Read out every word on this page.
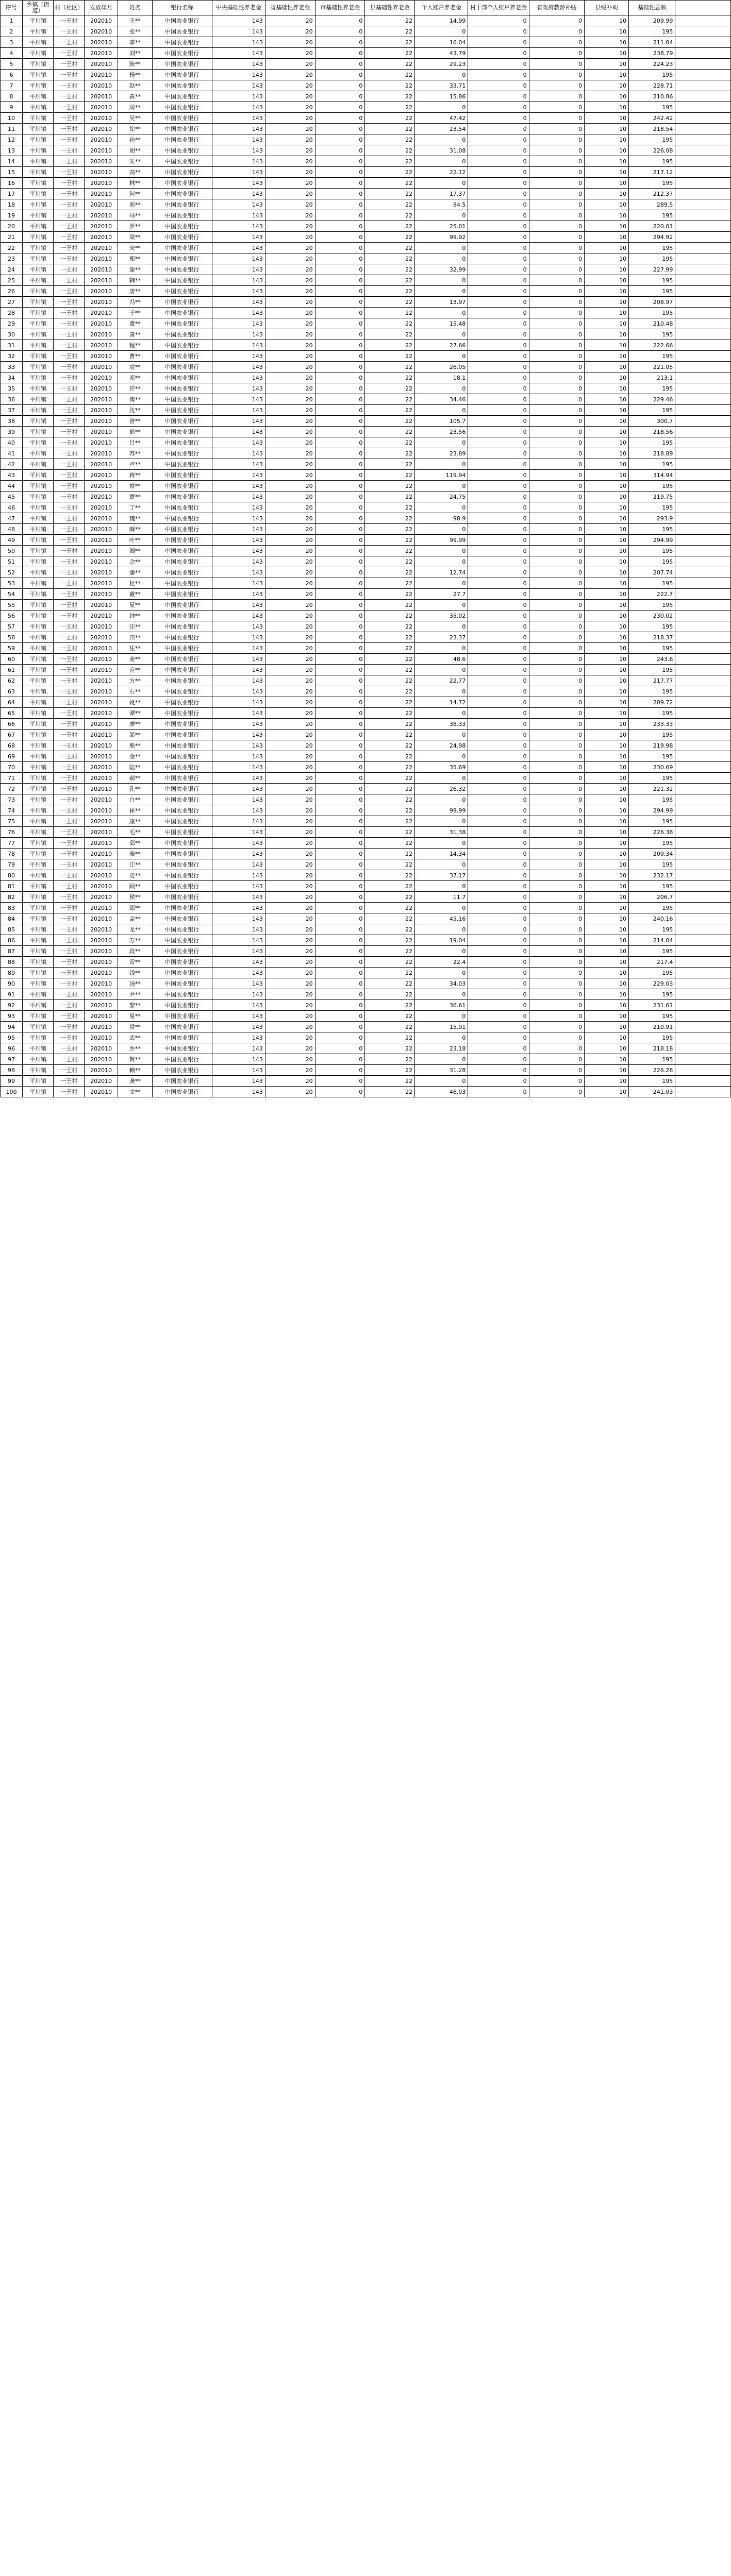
序号	乡镇（街道）	村（社区）	发放年月	姓名	银行名称	中央基础性养老金	省基础性养老金	市基础性养老金	县基础性养老金	个人账户养老金	村干部个人账户养老金	省政府教龄补贴	县级补助	基础性总额	
1	平川镇	一王村	202010	王**	中国农业银行	143	20	0	22	14.99	0	0	10	209.99	
2	平川镇	一王村	202010	张**	中国农业银行	143	20	0	22	0	0	0	10	195	
3	平川镇	一王村	202010	李**	中国农业银行	143	20	0	22	16.04	0	0	10	211.04	
4	平川镇	一王村	202010	刘**	中国农业银行	143	20	0	22	43.79	0	0	10	238.79	
5	平川镇	一王村	202010	陈**	中国农业银行	143	20	0	22	29.23	0	0	10	224.23	
6	平川镇	一王村	202010	杨**	中国农业银行	143	20	0	22	0	0	0	10	195	
7	平川镇	一王村	202010	赵**	中国农业银行	143	20	0	22	33.71	0	0	10	228.71	
8	平川镇	一王村	202010	黄**	中国农业银行	143	20	0	22	15.86	0	0	10	210.86	
9	平川镇	一王村	202010	周**	中国农业银行	143	20	0	22	0	0	0	10	195	
10	平川镇	一王村	202010	吴**	中国农业银行	143	20	0	22	47.42	0	0	10	242.42	
11	平川镇	一王村	202010	徐**	中国农业银行	143	20	0	22	23.54	0	0	10	218.54	
12	平川镇	一王村	202010	孙**	中国农业银行	143	20	0	22	0	0	0	10	195	
13	平川镇	一王村	202010	胡**	中国农业银行	143	20	0	22	31.08	0	0	10	226.08	
14	平川镇	一王村	202010	朱**	中国农业银行	143	20	0	22	0	0	0	10	195	
15	平川镇	一王村	202010	高**	中国农业银行	143	20	0	22	22.12	0	0	10	217.12	
16	平川镇	一王村	202010	林**	中国农业银行	143	20	0	22	0	0	0	10	195	
17	平川镇	一王村	202010	何**	中国农业银行	143	20	0	22	17.37	0	0	10	212.37	
18	平川镇	一王村	202010	郭**	中国农业银行	143	20	0	22	94.5	0	0	10	289.5	
19	平川镇	一王村	202010	马**	中国农业银行	143	20	0	22	0	0	0	10	195	
20	平川镇	一王村	202010	罗**	中国农业银行	143	20	0	22	25.01	0	0	10	220.01	
21	平川镇	一王村	202010	梁**	中国农业银行	143	20	0	22	99.92	0	0	10	294.92	
22	平川镇	一王村	202010	宋**	中国农业银行	143	20	0	22	0	0	0	10	195	
23	平川镇	一王村	202010	郑**	中国农业银行	143	20	0	22	0	0	0	10	195	
24	平川镇	一王村	202010	谢**	中国农业银行	143	20	0	22	32.99	0	0	10	227.99	
25	平川镇	一王村	202010	韩**	中国农业银行	143	20	0	22	0	0	0	10	195	
26	平川镇	一王村	202010	唐**	中国农业银行	143	20	0	22	0	0	0	10	195	
27	平川镇	一王村	202010	冯**	中国农业银行	143	20	0	22	13.97	0	0	10	208.97	
28	平川镇	一王村	202010	于**	中国农业银行	143	20	0	22	0	0	0	10	195	
29	平川镇	一王村	202010	董**	中国农业银行	143	20	0	22	15.48	0	0	10	210.48	
30	平川镇	一王村	202010	萧**	中国农业银行	143	20	0	22	0	0	0	10	195	
31	平川镇	一王村	202010	程**	中国农业银行	143	20	0	22	27.66	0	0	10	222.66	
32	平川镇	一王村	202010	曹**	中国农业银行	143	20	0	22	0	0	0	10	195	
33	平川镇	一王村	202010	袁**	中国农业银行	143	20	0	22	26.05	0	0	10	221.05	
34	平川镇	一王村	202010	邓**	中国农业银行	143	20	0	22	18.1	0	0	10	213.1	
35	平川镇	一王村	202010	许**	中国农业银行	143	20	0	22	0	0	0	10	195	
36	平川镇	一王村	202010	傅**	中国农业银行	143	20	0	22	34.46	0	0	10	229.46	
37	平川镇	一王村	202010	沈**	中国农业银行	143	20	0	22	0	0	0	10	195	
38	平川镇	一王村	202010	曾**	中国农业银行	143	20	0	22	105.7	0	0	10	300.7	
39	平川镇	一王村	202010	彭**	中国农业银行	143	20	0	22	23.56	0	0	10	218.56	
40	平川镇	一王村	202010	吕**	中国农业银行	143	20	0	22	0	0	0	10	195	
41	平川镇	一王村	202010	苏**	中国农业银行	143	20	0	22	23.89	0	0	10	218.89	
42	平川镇	一王村	202010	卢**	中国农业银行	143	20	0	22	0	0	0	10	195	
43	平川镇	一王村	202010	蒋**	中国农业银行	143	20	0	22	119.94	0	0	10	314.94	
44	平川镇	一王村	202010	蔡**	中国农业银行	143	20	0	22	0	0	0	10	195	
45	平川镇	一王村	202010	贾**	中国农业银行	143	20	0	22	24.75	0	0	10	219.75	
46	平川镇	一王村	202010	丁**	中国农业银行	143	20	0	22	0	0	0	10	195	
47	平川镇	一王村	202010	魏**	中国农业银行	143	20	0	22	98.9	0	0	10	293.9	
48	平川镇	一王村	202010	薛**	中国农业银行	143	20	0	22	0	0	0	10	195	
49	平川镇	一王村	202010	叶**	中国农业银行	143	20	0	22	99.99	0	0	10	294.99	
50	平川镇	一王村	202010	阎**	中国农业银行	143	20	0	22	0	0	0	10	195	
51	平川镇	一王村	202010	余**	中国农业银行	143	20	0	22	0	0	0	10	195	
52	平川镇	一王村	202010	潘**	中国农业银行	143	20	0	22	12.74	0	0	10	207.74	
53	平川镇	一王村	202010	杜**	中国农业银行	143	20	0	22	0	0	0	10	195	
54	平川镇	一王村	202010	戴**	中国农业银行	143	20	0	22	27.7	0	0	10	222.7	
55	平川镇	一王村	202010	夏**	中国农业银行	143	20	0	22	0	0	0	10	195	
56	平川镇	一王村	202010	钟**	中国农业银行	143	20	0	22	35.02	0	0	10	230.02	
57	平川镇	一王村	202010	汪**	中国农业银行	143	20	0	22	0	0	0	10	195	
58	平川镇	一王村	202010	田**	中国农业银行	143	20	0	22	23.37	0	0	10	218.37	
59	平川镇	一王村	202010	任**	中国农业银行	143	20	0	22	0	0	0	10	195	
60	平川镇	一王村	202010	姜**	中国农业银行	143	20	0	22	48.6	0	0	10	243.6	
61	平川镇	一王村	202010	范**	中国农业银行	143	20	0	22	0	0	0	10	195	
62	平川镇	一王村	202010	方**	中国农业银行	143	20	0	22	22.77	0	0	10	217.77	
63	平川镇	一王村	202010	石**	中国农业银行	143	20	0	22	0	0	0	10	195	
64	平川镇	一王村	202010	姚**	中国农业银行	143	20	0	22	14.72	0	0	10	209.72	
65	平川镇	一王村	202010	谭**	中国农业银行	143	20	0	22	0	0	0	10	195	
66	平川镇	一王村	202010	廖**	中国农业银行	143	20	0	22	38.33	0	0	10	233.33	
67	平川镇	一王村	202010	邹**	中国农业银行	143	20	0	22	0	0	0	10	195	
68	平川镇	一王村	202010	熊**	中国农业银行	143	20	0	22	24.98	0	0	10	219.98	
69	平川镇	一王村	202010	金**	中国农业银行	143	20	0	22	0	0	0	10	195	
70	平川镇	一王村	202010	陆**	中国农业银行	143	20	0	22	35.69	0	0	10	230.69	
71	平川镇	一王村	202010	郝**	中国农业银行	143	20	0	22	0	0	0	10	195	
72	平川镇	一王村	202010	孔**	中国农业银行	143	20	0	22	26.32	0	0	10	221.32	
73	平川镇	一王村	202010	白**	中国农业银行	143	20	0	22	0	0	0	10	195	
74	平川镇	一王村	202010	崔**	中国农业银行	143	20	0	22	99.99	0	0	10	294.99	
75	平川镇	一王村	202010	康**	中国农业银行	143	20	0	22	0	0	0	10	195	
76	平川镇	一王村	202010	毛**	中国农业银行	143	20	0	22	31.38	0	0	10	226.38	
77	平川镇	一王村	202010	邱**	中国农业银行	143	20	0	22	0	0	0	10	195	
78	平川镇	一王村	202010	秦**	中国农业银行	143	20	0	22	14.34	0	0	10	209.34	
79	平川镇	一王村	202010	江**	中国农业银行	143	20	0	22	0	0	0	10	195	
80	平川镇	一王村	202010	史**	中国农业银行	143	20	0	22	37.17	0	0	10	232.17	
81	平川镇	一王村	202010	顾**	中国农业银行	143	20	0	22	0	0	0	10	195	
82	平川镇	一王村	202010	侯**	中国农业银行	143	20	0	22	11.7	0	0	10	206.7	
83	平川镇	一王村	202010	邵**	中国农业银行	143	20	0	22	0	0	0	10	195	
84	平川镇	一王村	202010	孟**	中国农业银行	143	20	0	22	45.16	0	0	10	240.16	
85	平川镇	一王村	202010	龙**	中国农业银行	143	20	0	22	0	0	0	10	195	
86	平川镇	一王村	202010	万**	中国农业银行	143	20	0	22	19.04	0	0	10	214.04	
87	平川镇	一王村	202010	段**	中国农业银行	143	20	0	22	0	0	0	10	195	
88	平川镇	一王村	202010	雷**	中国农业银行	143	20	0	22	22.4	0	0	10	217.4	
89	平川镇	一王村	202010	钱**	中国农业银行	143	20	0	22	0	0	0	10	195	
90	平川镇	一王村	202010	汤**	中国农业银行	143	20	0	22	34.03	0	0	10	229.03	
91	平川镇	一王村	202010	尹**	中国农业银行	143	20	0	22	0	0	0	10	195	
92	平川镇	一王村	202010	黎**	中国农业银行	143	20	0	22	36.61	0	0	10	231.61	
93	平川镇	一王村	202010	易**	中国农业银行	143	20	0	22	0	0	0	10	195	
94	平川镇	一王村	202010	常**	中国农业银行	143	20	0	22	15.91	0	0	10	210.91	
95	平川镇	一王村	202010	武**	中国农业银行	143	20	0	22	0	0	0	10	195	
96	平川镇	一王村	202010	乔**	中国农业银行	143	20	0	22	23.18	0	0	10	218.18	
97	平川镇	一王村	202010	贺**	中国农业银行	143	20	0	22	0	0	0	10	195	
98	平川镇	一王村	202010	赖**	中国农业银行	143	20	0	22	31.28	0	0	10	226.28	
99	平川镇	一王村	202010	龚**	中国农业银行	143	20	0	22	0	0	0	10	195	
100	平川镇	一王村	202010	文**	中国农业银行	143	20	0	22	46.03	0	0	10	241.03	
